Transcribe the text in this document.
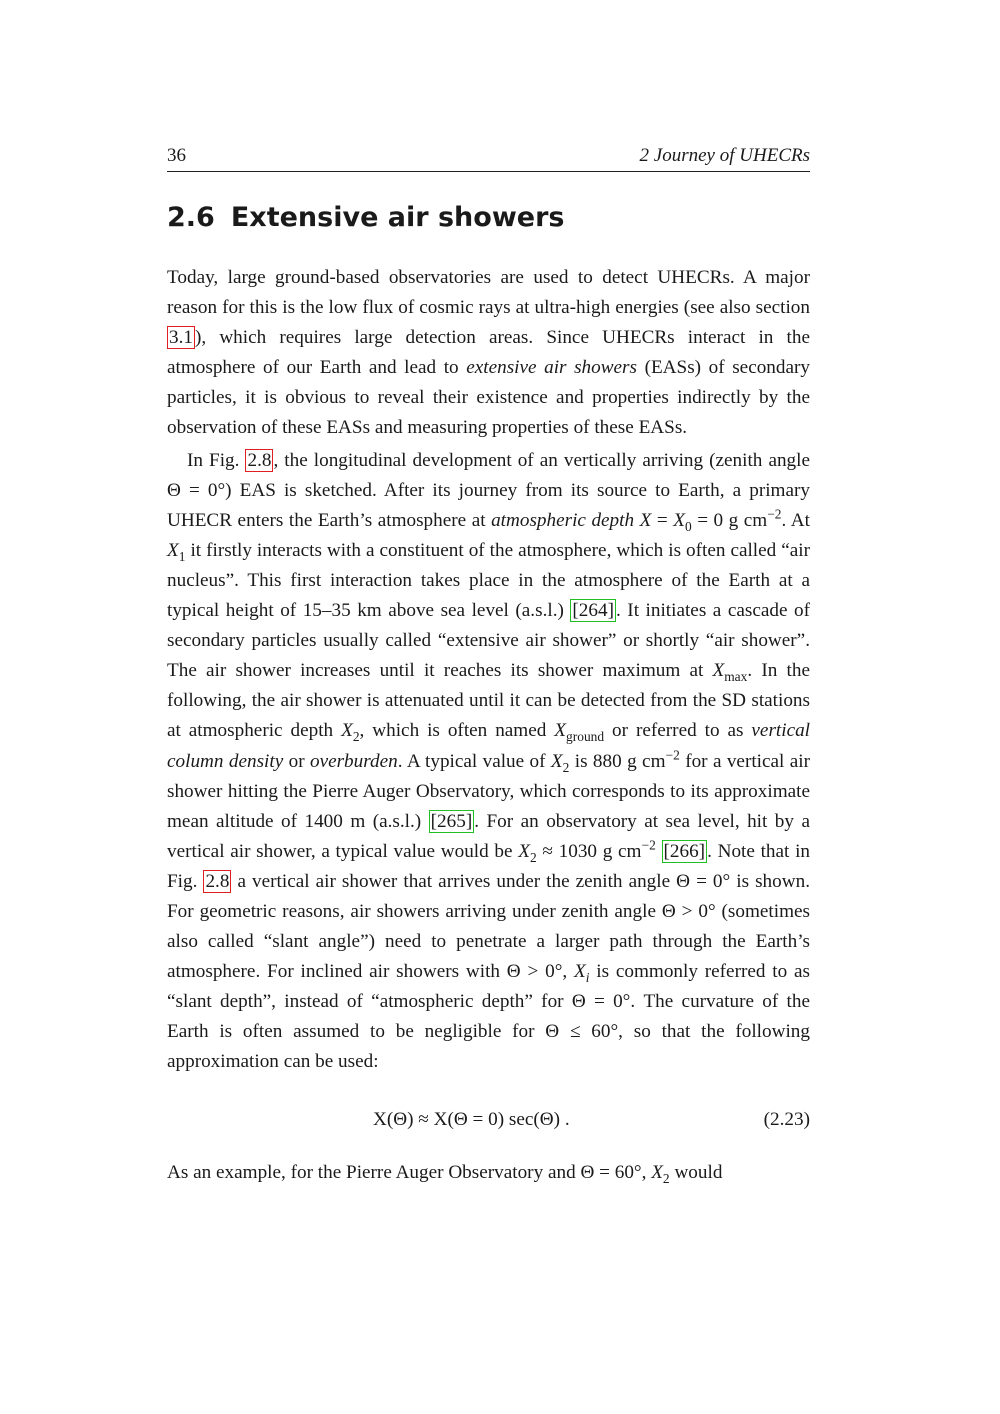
36	2 Journey of UHECRs
2.6 Extensive air showers

Today, large ground-based observatories are used to detect UHECRs. A major reason for this is the low flux of cosmic rays at ultra-high energies (see also section 3.1 ), which requires large detection areas. Since UHECRs interact in the atmosphere of our Earth and lead to extensive air showers (EASs) of secondary particles, it is obvious to reveal their existence and properties indirectly by the observation of these EASs and measuring properties of these EASs.

In Fig. 2.8 , the longitudinal development of an vertically arriving (zenith angle Θ = 0°) EAS is sketched. After its journey from its source to Earth, a primary UHECR enters the Earth’s atmosphere at atmospheric depth $X = X_0 = 0$ g $cm^{-2}$. At $X_1$ it firstly interacts with a constituent of the atmosphere, which is often called “air nucleus”. This first interaction takes place in the atmosphere of the Earth at a typical height of 15–35 km above sea level (a.s.l.) [264] . It initiates a cascade of secondary particles usually called “extensive air shower” or shortly “air shower”. The air shower increases until it reaches its shower maximum at $X_{max}$. In the following, the air shower is attenuated until it can be detected from the SD stations at atmospheric depth $X_2$, which is often named $X_{ground}$ or referred to as vertical column density or overburden. A typical value of $X_2$ is 880 g $cm^{-2}$ for a vertical air shower hitting the Pierre Auger Observatory, which corresponds to its approximate mean altitude of 1400 m (a.s.l.) [265] . For an observatory at sea level, hit by a vertical air shower, a typical value would be $X_2 \approx 1030$ g $cm^{-2}$ [266] . Note that in Fig. 2.8 a vertical air shower that arrives under the zenith angle Θ = 0° is shown. For geometric reasons, air showers arriving under zenith angle Θ > 0° (sometimes also called “slant angle”) need to penetrate a larger path through the Earth’s atmosphere. For inclined air showers with Θ > 0°, $X_i$ is commonly referred to as “slant depth”, instead of “atmospheric depth” for Θ = 0°. The curvature of the Earth is often assumed to be negligible for Θ ≤ 60°, so that the following approximation can be used:

X(Θ) ≈ X(Θ = 0) sec(Θ) .	(2.23)

As an example, for the Pierre Auger Observatory and Θ = 60°, $X_2$ would
